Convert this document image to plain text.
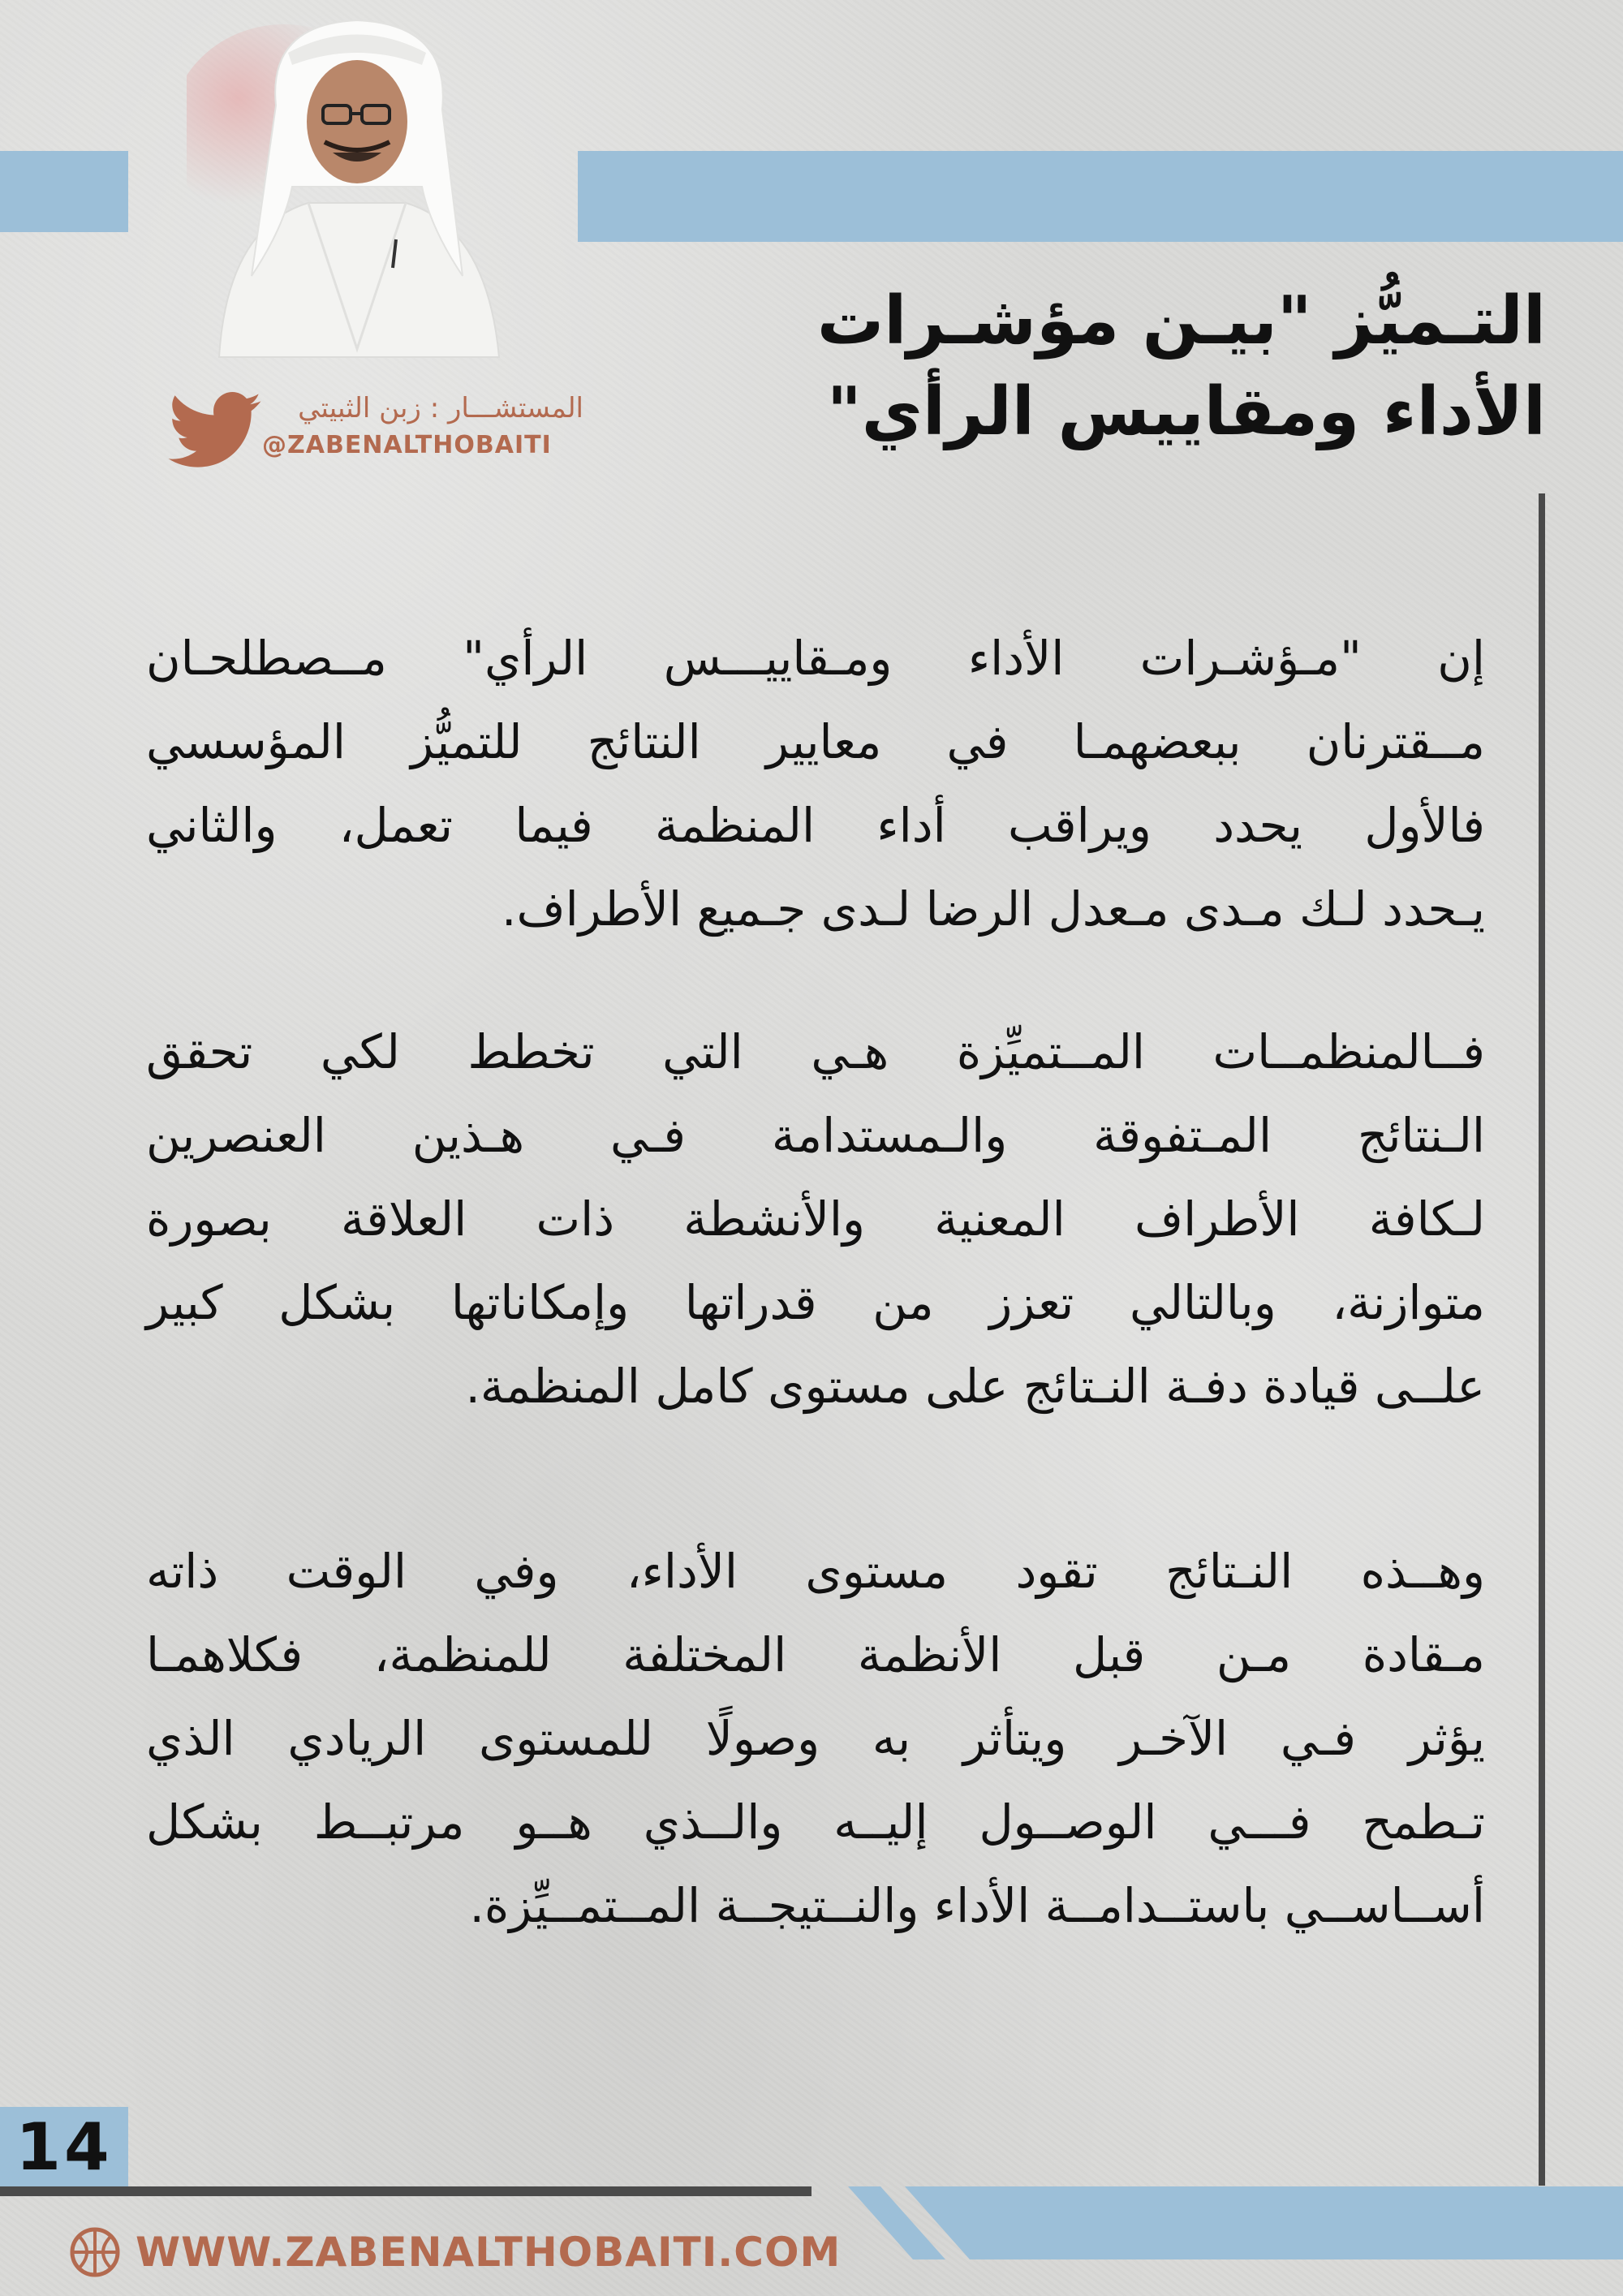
المستشـــار : زبن الثبيتي
@ZABENALTHOBAITI
التـميُّز "بيـن مؤشـرات
الأداء ومقاييس الرأي"

إن "مـؤشـرات الأداء ومـقاييـــس الرأي" مــصطلحـان
مــقترنان ببعضهمـا في معايير النتائج للتميُّز المؤسسي
فالأول يحدد ويراقب أداء المنظمة فيما تعمل، والثاني
يـحدد لـك مـدى مـعدل الرضا لـدى جـميع الأطراف.

فــالمنظمــات المــتميِّزة هـي التي تخطط لكي تحقق
الـنتائج المـتفوقة والـمستدامة فـي هـذين العنصرين
لـكافة الأطراف المعنية والأنشطة ذات العلاقة بصورة
متوازنة، وبالتالي تعزز من قدراتها وإمكاناتها بشكل كبير
علــى قيادة دفـة النـتائج على مستوى كامل المنظمة.

وهــذه النـتائج تقود مستوى الأداء، وفي الوقت ذاته
مـقادة مـن قبل الأنظمة المختلفة للمنظمة، فكلاهمـا
يؤثر فـي الآخـر ويتأثر به وصولًا للمستوى الريادي الذي
تـطمح فـــي الوصــول إليــه والــذي هــو مرتبــط بشكل
أســاســي باستــدامــة الأداء والنــتيجــة المــتمــيِّزة.

14
WWW.ZABENALTHOBAITI.COM
